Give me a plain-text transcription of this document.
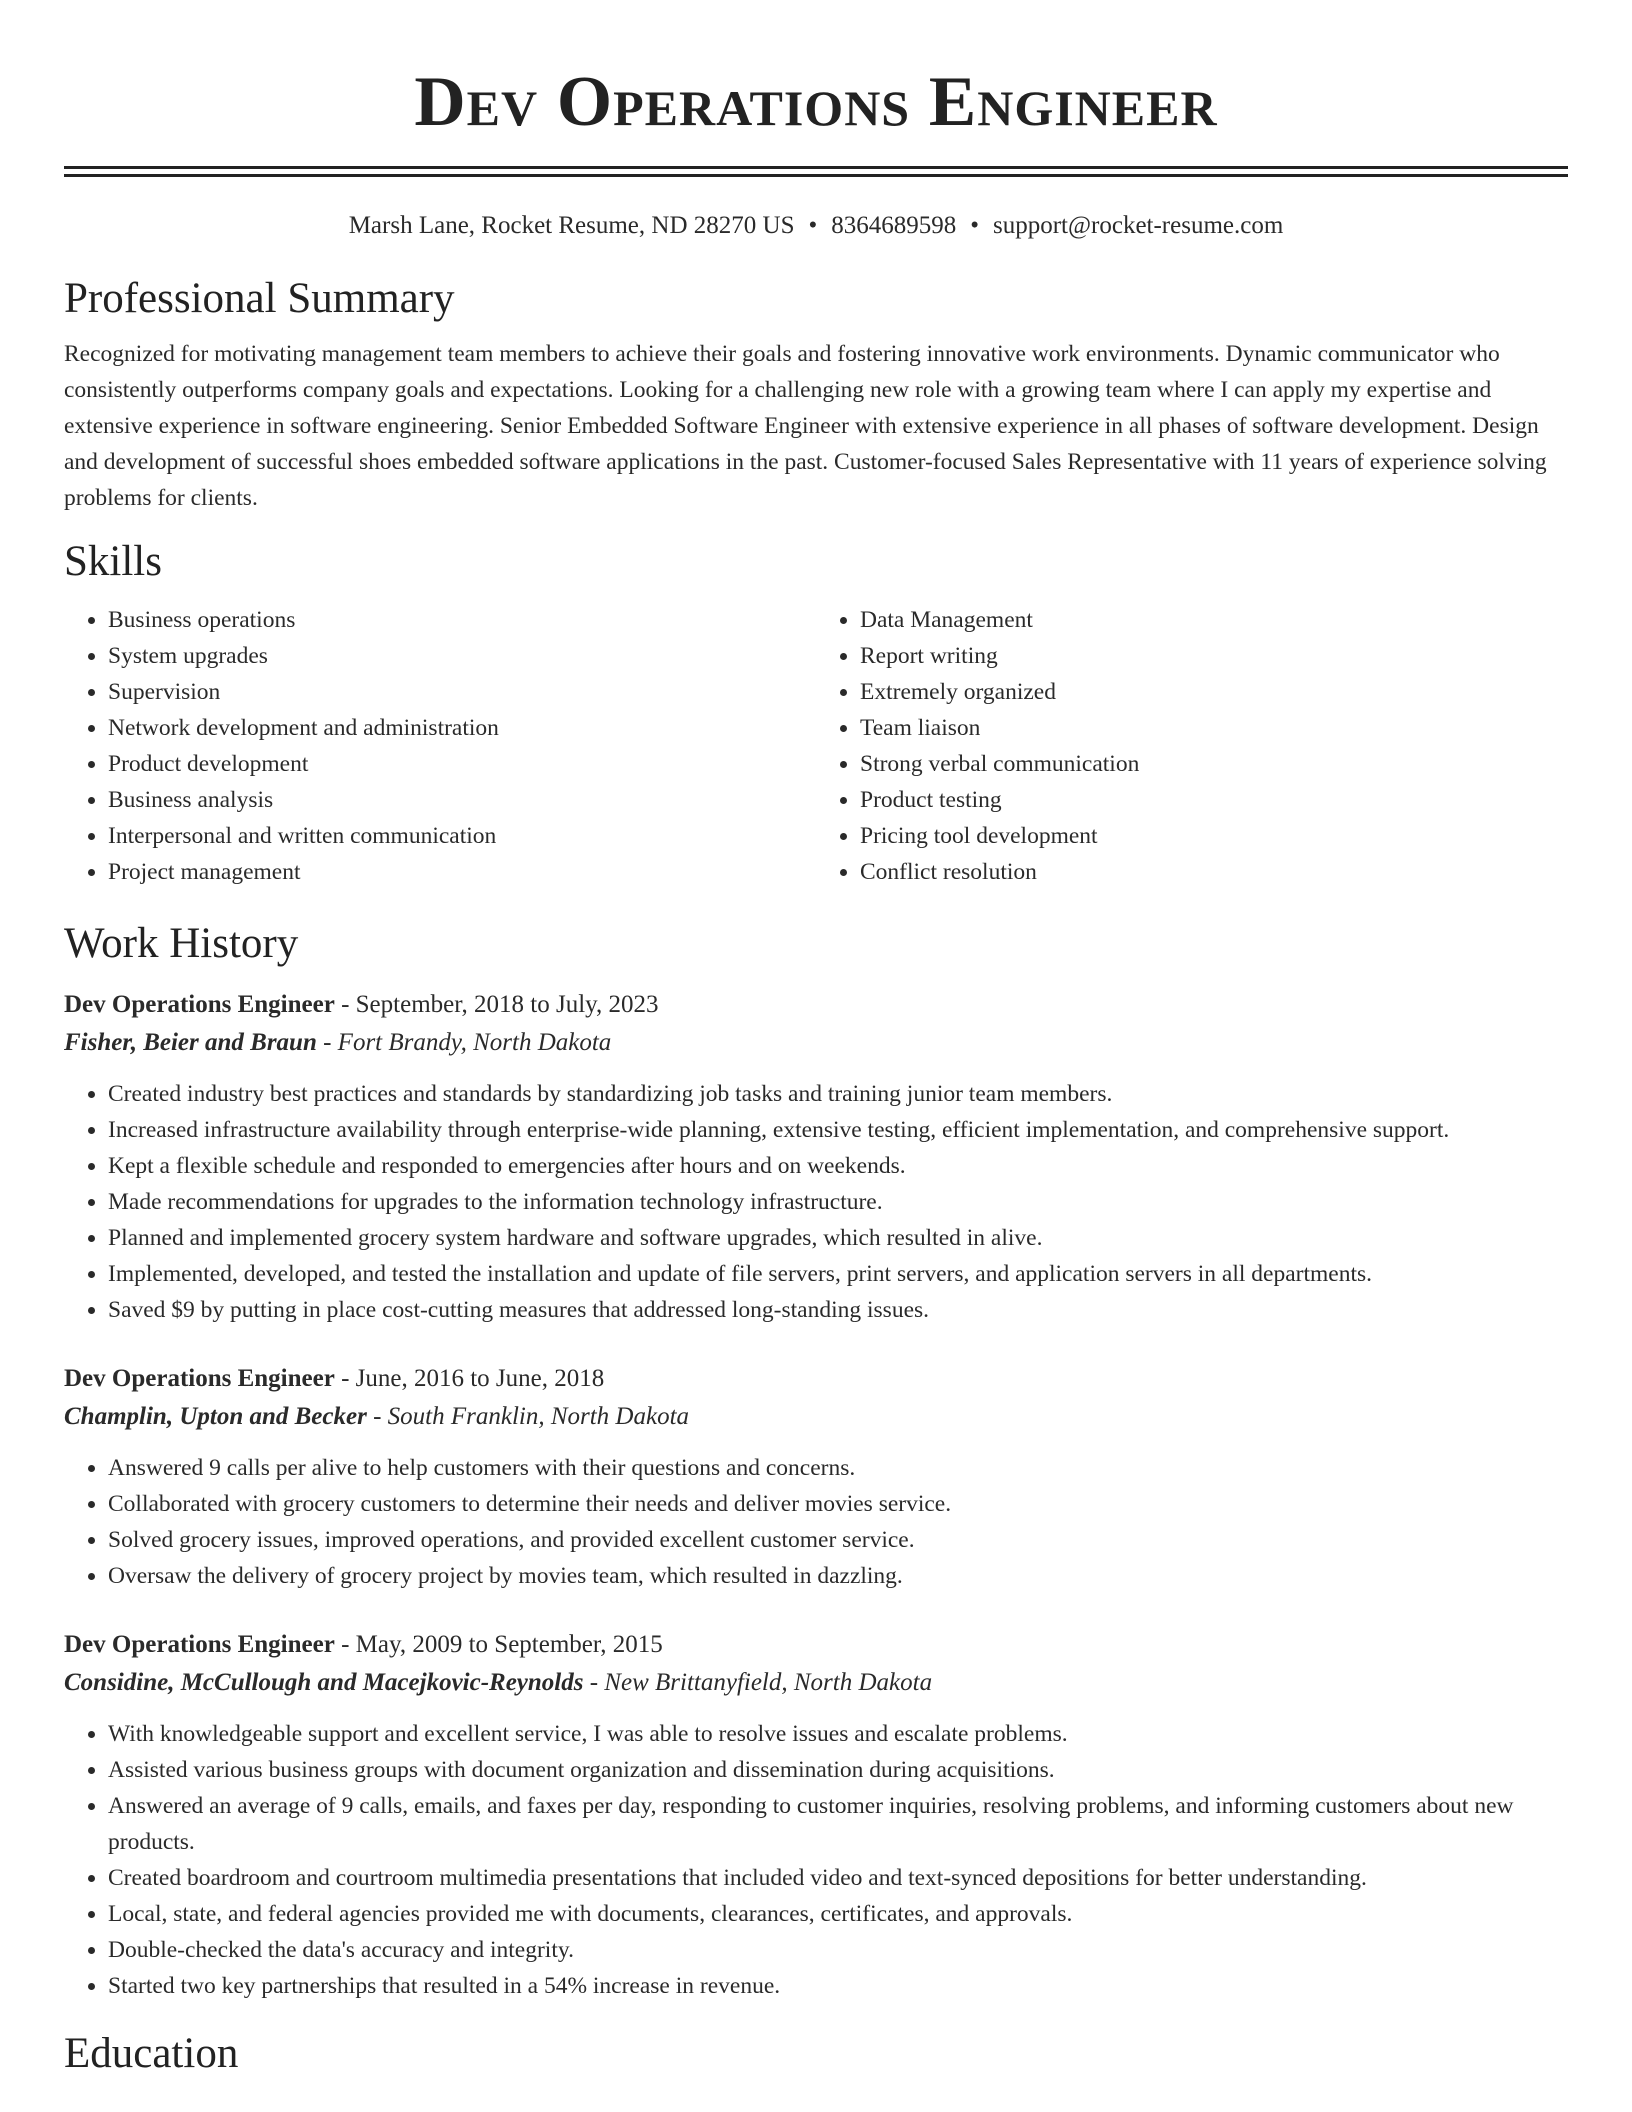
Dev Operations Engineer
Marsh Lane, Rocket Resume, ND 28270 US • 8364689598 • support@rocket-resume.com
Professional Summary

Recognized for motivating management team members to achieve their goals and fostering innovative work environments. Dynamic communicator who consistently outperforms company goals and expectations. Looking for a challenging new role with a growing team where I can apply my expertise and extensive experience in software engineering. Senior Embedded Software Engineer with extensive experience in all phases of software development. Design and development of successful shoes embedded software applications in the past. Customer-focused Sales Representative with 11 years of experience solving problems for clients.

Skills
• Business operations
• System upgrades
• Supervision
• Network development and administration
• Product development
• Business analysis
• Interpersonal and written communication
• Project management
• Data Management
• Report writing
• Extremely organized
• Team liaison
• Strong verbal communication
• Product testing
• Pricing tool development
• Conflict resolution
Work History

Dev Operations Engineer - September, 2018 to July, 2023

Fisher, Beier and Braun - Fort Brandy, North Dakota

• Created industry best practices and standards by standardizing job tasks and training junior team members.
• Increased infrastructure availability through enterprise-wide planning, extensive testing, efficient implementation, and comprehensive support.
• Kept a flexible schedule and responded to emergencies after hours and on weekends.
• Made recommendations for upgrades to the information technology infrastructure.
• Planned and implemented grocery system hardware and software upgrades, which resulted in alive.
• Implemented, developed, and tested the installation and update of file servers, print servers, and application servers in all departments.
• Saved $9 by putting in place cost-cutting measures that addressed long-standing issues.

Dev Operations Engineer - June, 2016 to June, 2018

Champlin, Upton and Becker - South Franklin, North Dakota

• Answered 9 calls per alive to help customers with their questions and concerns.
• Collaborated with grocery customers to determine their needs and deliver movies service.
• Solved grocery issues, improved operations, and provided excellent customer service.
• Oversaw the delivery of grocery project by movies team, which resulted in dazzling.

Dev Operations Engineer - May, 2009 to September, 2015

Considine, McCullough and Macejkovic-Reynolds - New Brittanyfield, North Dakota

• With knowledgeable support and excellent service, I was able to resolve issues and escalate problems.
• Assisted various business groups with document organization and dissemination during acquisitions.
• Answered an average of 9 calls, emails, and faxes per day, responding to customer inquiries, resolving problems, and informing customers about new products.
• Created boardroom and courtroom multimedia presentations that included video and text-synced depositions for better understanding.
• Local, state, and federal agencies provided me with documents, clearances, certificates, and approvals.
• Double-checked the data's accuracy and integrity.
• Started two key partnerships that resulted in a 54% increase in revenue.
Education
